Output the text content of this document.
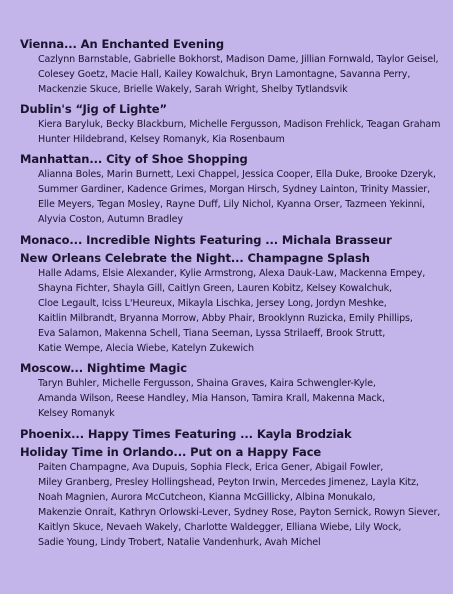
Vienna... An Enchanted Evening
Cazlynn Barnstable, Gabrielle Bokhorst, Madison Dame, Jillian Fornwald, Taylor Geisel,
Colesey Goetz, Macie Hall, Kailey Kowalchuk, Bryn Lamontagne, Savanna Perry,
Mackenzie Skuce, Brielle Wakely, Sarah Wright, Shelby Tytlandsvik
Dublin's “Jig of Lighte”
Kiera Baryluk, Becky Blackburn, Michelle Fergusson, Madison Frehlick, Teagan Graham
Hunter Hildebrand, Kelsey Romanyk, Kia Rosenbaum
Manhattan... City of Shoe Shopping
Alianna Boles, Marin Burnett, Lexi Chappel, Jessica Cooper, Ella Duke, Brooke Dzeryk,
Summer Gardiner, Kadence Grimes, Morgan Hirsch, Sydney Lainton, Trinity Massier,
Elle Meyers, Tegan Mosley, Rayne Duff, Lily Nichol, Kyanna Orser, Tazmeen Yekinni,
Alyvia Coston, Autumn Bradley
Monaco... Incredible Nights Featuring ... Michala Brasseur
New Orleans Celebrate the Night... Champagne Splash
Halle Adams, Elsie Alexander, Kylie Armstrong, Alexa Dauk-Law, Mackenna Empey,
Shayna Fichter, Shayla Gill, Caitlyn Green, Lauren Kobitz, Kelsey Kowalchuk,
Cloe Legault, Iciss L'Heureux, Mikayla Lischka, Jersey Long, Jordyn Meshke,
Kaitlin Milbrandt, Bryanna Morrow, Abby Phair, Brooklynn Ruzicka, Emily Phillips,
Eva Salamon, Makenna Schell, Tiana Seeman, Lyssa Strilaeff, Brook Strutt,
Katie Wempe, Alecia Wiebe, Katelyn Zukewich
Moscow... Nightime Magic
Taryn Buhler, Michelle Fergusson, Shaina Graves, Kaira Schwengler-Kyle,
Amanda Wilson, Reese Handley, Mia Hanson, Tamira Krall, Makenna Mack,
Kelsey Romanyk
Phoenix... Happy Times Featuring ... Kayla Brodziak
Holiday Time in Orlando... Put on a Happy Face
Paiten Champagne, Ava Dupuis, Sophia Fleck, Erica Gener, Abigail Fowler,
Miley Granberg, Presley Hollingshead, Peyton Irwin, Mercedes Jimenez, Layla Kitz,
Noah Magnien, Aurora McCutcheon, Kianna McGillicky, Albina Monukalo,
Makenzie Onrait, Kathryn Orlowski-Lever, Sydney Rose, Payton Sernick, Rowyn Siever,
Kaitlyn Skuce, Nevaeh Wakely, Charlotte Waldegger, Elliana Wiebe, Lily Wock,
Sadie Young, Lindy Trobert, Natalie Vandenhurk, Avah Michel
